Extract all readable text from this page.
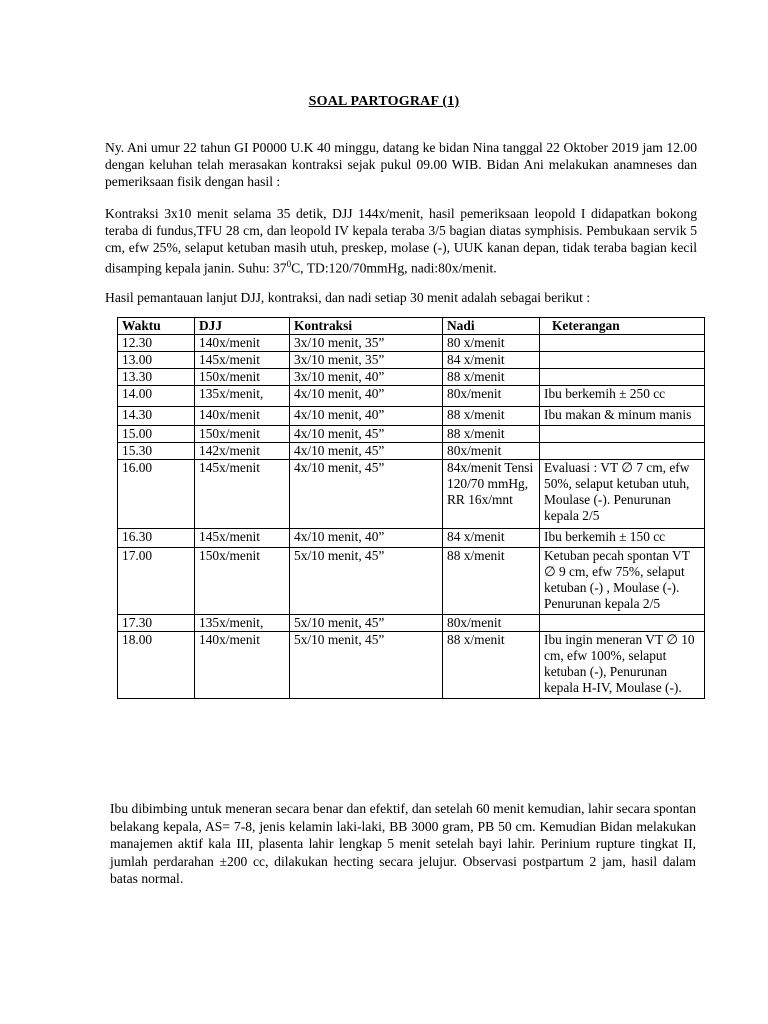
SOAL PARTOGRAF (1)

Ny. Ani umur 22 tahun GI P0000 U.K 40 minggu, datang ke bidan Nina tanggal 22 Oktober 2019 jam 12.00 dengan keluhan telah merasakan kontraksi sejak pukul 09.00 WIB. Bidan Ani melakukan anamneses dan pemeriksaan fisik dengan hasil :

Kontraksi 3x10 menit selama 35 detik, DJJ 144x/menit, hasil pemeriksaan leopold I didapatkan bokong teraba di fundus,TFU 28 cm, dan leopold IV kepala teraba 3/5 bagian diatas symphisis. Pembukaan servik 5 cm, efw 25%, selaput ketuban masih utuh, preskep, molase (-), UUK kanan depan, tidak teraba bagian kecil disamping kepala janin. Suhu: $37^0C$, TD:120/70mmHg, nadi:80x/menit.

Hasil pemantauan lanjut DJJ, kontraksi, dan nadi setiap 30 menit adalah sebagai berikut :

Waktu	DJJ	Kontraksi	Nadi	Keterangan
12.30	140x/menit	3x/10 menit, 35”	80 x/menit	
13.00	145x/menit	3x/10 menit, 35”	84 x/menit	
13.30	150x/menit	3x/10 menit, 40”	88 x/menit	
14.00	135x/menit,	4x/10 menit, 40”	80x/menit	Ibu berkemih ± 250 cc
14.30	140x/menit	4x/10 menit, 40”	88 x/menit	Ibu makan & minum manis
15.00	150x/menit	4x/10 menit, 45”	88 x/menit	
15.30	142x/menit	4x/10 menit, 45”	80x/menit	
16.00	145x/menit	4x/10 menit, 45”	84x/menit Tensi 120/70 mmHg, RR 16x/mnt	Evaluasi : VT ∅ 7 cm, efw 50%, selaput ketuban utuh, Moulase (-). Penurunan kepala 2/5
16.30	145x/menit	4x/10 menit, 40”	84 x/menit	Ibu berkemih ± 150 cc
17.00	150x/menit	5x/10 menit, 45”	88 x/menit	Ketuban pecah spontan VT ∅ 9 cm, efw 75%, selaput ketuban (-) , Moulase (-). Penurunan kepala 2/5
17.30	135x/menit,	5x/10 menit, 45”	80x/menit	
18.00	140x/menit	5x/10 menit, 45”	88 x/menit	Ibu ingin meneran VT ∅ 10 cm, efw 100%, selaput ketuban (-), Penurunan kepala H-IV, Moulase (-).

Ibu dibimbing untuk meneran secara benar dan efektif, dan setelah 60 menit kemudian, lahir secara spontan belakang kepala, AS= 7-8, jenis kelamin laki-laki, BB 3000 gram, PB 50 cm. Kemudian Bidan melakukan manajemen aktif kala III, plasenta lahir lengkap 5 menit setelah bayi lahir. Perinium rupture tingkat II, jumlah perdarahan ±200 cc, dilakukan hecting secara jelujur. Observasi postpartum 2 jam, hasil dalam batas normal.
